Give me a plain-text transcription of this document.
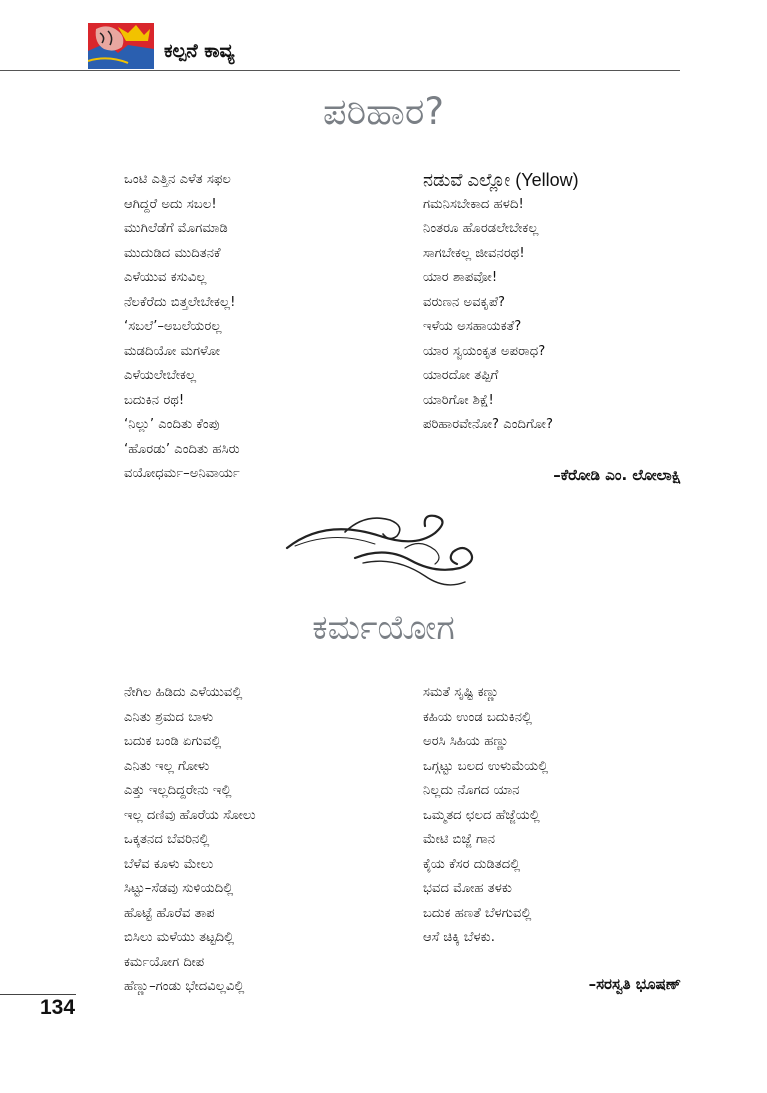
ಕಲ್ಪನೆ ಕಾವ್ಯ
ಪರಿಹಾರ?
ಒಂಟಿ ಎತ್ತಿನ ಎಳೆತ ಸಫಲ
ಆಗಿದ್ದರೆ ಅದು ಸಬಲ!
ಮುಗಿಲೆಡೆಗೆ ಮೊಗಮಾಡಿ
ಮುದುಡಿದ ಮುದಿತನಕೆ
ಎಳೆಯುವ ಕಸುವಿಲ್ಲ
ನೆಲಕೆರೆದು ಬಿತ್ತಲೇಬೇಕಲ್ಲ!
‘ಸಬಲೆ’–ಅಬಲೆಯರಲ್ಲ
ಮಡದಿಯೋ ಮಗಳೋ
ಎಳೆಯಲೇಬೇಕಲ್ಲ
ಬದುಕಿನ ರಥ!
‘ನಿಲ್ಲು’ ಎಂದಿತು ಕೆಂಪು
‘ಹೊರಡು’ ಎಂದಿತು ಹಸಿರು
ವಯೋಧರ್ಮ–ಅನಿವಾರ್ಯ
ನಡುವೆ ಎಲ್ಲೋ (Yellow)
ಗಮನಿಸಬೇಕಾದ ಹಳದಿ!
ನಿಂತರೂ ಹೊರಡಲೇಬೇಕಲ್ಲ
ಸಾಗಬೇಕಲ್ಲ ಜೀವನರಥ!
ಯಾರ ಶಾಪವೋ!
ವರುಣನ ಅವಕೃಪೆ?
ಇಳೆಯ ಅಸಹಾಯಕತೆ?
ಯಾರ ಸ್ವಯಂಕೃತ ಅಪರಾಧ?
ಯಾರದೋ ತಪ್ಪಿಗೆ
ಯಾರಿಗೋ ಶಿಕ್ಷೆ!
ಪರಿಹಾರವೇನೋ? ಎಂದಿಗೋ?
–ಕೆರೋಡಿ ಎಂ. ಲೋಲಾಕ್ಷಿ
ಕರ್ಮಯೋಗ
ನೇಗಿಲ ಹಿಡಿದು ಎಳೆಯುವಲ್ಲಿ
ಎನಿತು ಶ್ರಮದ ಬಾಳು
ಬದುಕ ಬಂಡಿ ಏಗುವಲ್ಲಿ
ಎನಿತು ಇಲ್ಲ ಗೋಳು
ಎತ್ತು ಇಲ್ಲದಿದ್ದರೇನು ಇಲ್ಲಿ
ಇಲ್ಲ ದಣಿವು ಹೊರೆಯ ಸೋಲು
ಒಕ್ಕತನದ ಬೆವರಿನಲ್ಲಿ
ಬೆಳೆವ ಕೂಳು ಮೇಲು
ಸಿಟ್ಟು–ಸೆಡವು ಸುಳಿಯದಿಲ್ಲಿ
ಹೊಟ್ಟೆ ಹೊರೆವ ತಾಪ
ಬಿಸಿಲು ಮಳೆಯು ತಟ್ಟದಿಲ್ಲಿ
ಕರ್ಮಯೋಗ ದೀಪ
ಹೆಣ್ಣು–ಗಂಡು ಭೇದವಿಲ್ಲವಿಲ್ಲಿ
ಸಮತೆ ಸೃಷ್ಟಿ ಕಣ್ಣು
ಕಹಿಯ ಉಂಡ ಬದುಕಿನಲ್ಲಿ
ಅರಸಿ ಸಿಹಿಯ ಹಣ್ಣು
ಒಗ್ಗಟ್ಟು ಬಲದ ಉಳುಮೆಯಲ್ಲಿ
ನಿಲ್ಲದು ನೊಗದ ಯಾನ
ಒಮ್ಮತದ ಛಲದ ಹೆಜ್ಜೆಯಲ್ಲಿ
ಮೇಟಿ ಬಿಜ್ಜೆ ಗಾನ
ಕೈಯ ಕೆಸರ ದುಡಿತದಲ್ಲಿ
ಭವದ ಮೋಹ ತಳಕು
ಬದುಕ ಹಣತೆ ಬೆಳಗುವಲ್ಲಿ
ಆಸೆ ಚಿಕ್ಕಿ ಬೆಳಕು.
–ಸರಸ್ವತಿ ಭೂಷಣ್
134
